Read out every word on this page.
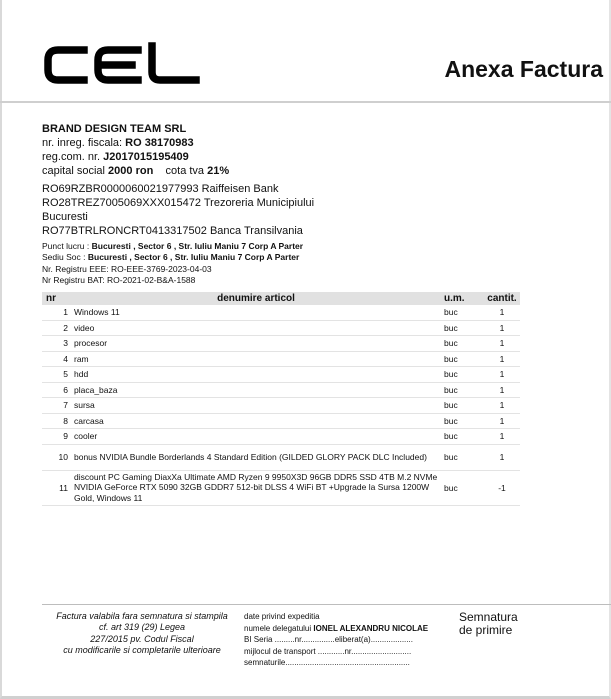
Anexa Factura
BRAND DESIGN TEAM SRL
nr. inreg. fiscala: RO 38170983
reg.com. nr. J2017015195409
capital social 2000 ron cota tva 21%
RO69RZBR0000060021977993 Raiffeisen Bank
RO28TREZ7005069XXX015472 Trezoreria Municipiului
Bucuresti
RO77BTRLRONCRT0413317502 Banca Transilvania
Punct lucru : Bucuresti , Sector 6 , Str. Iuliu Maniu 7 Corp A Parter
Sediu Soc : Bucuresti , Sector 6 , Str. Iuliu Maniu 7 Corp A Parter
Nr. Registru EEE: RO-EEE-3769-2023-04-03
Nr Registru BAT: RO-2021-02-B&A-1588
nr	denumire articol	u.m.	cantit.
1	Windows 11	buc	1
2	video	buc	1
3	procesor	buc	1
4	ram	buc	1
5	hdd	buc	1
6	placa_baza	buc	1
7	sursa	buc	1
8	carcasa	buc	1
9	cooler	buc	1
10	bonus NVIDIA Bundle Borderlands 4 Standard Edition (GILDED GLORY PACK DLC Included)	buc	1
11	discount PC Gaming DiaxXa Ultimate AMD Ryzen 9 9950X3D 96GB DDR5 SSD 4TB M.2 NVMe NVIDIA GeForce RTX 5090 32GB GDDR7 512-bit DLSS 4 WiFi BT +Upgrade la Sursa 1200W Gold, Windows 11	buc	-1
Factura valabila fara semnatura si stampila
cf. art 319 (29) Legea
227/2015 pv. Codul Fiscal
cu modificarile si completarile ulterioare
date privind expeditia
numele delegatului IONEL ALEXANDRU NICOLAE
BI Seria .........nr...............eliberat(a)...................
mijlocul de transport ............nr...........................
semnaturile........................................................
Semnatura de primire
